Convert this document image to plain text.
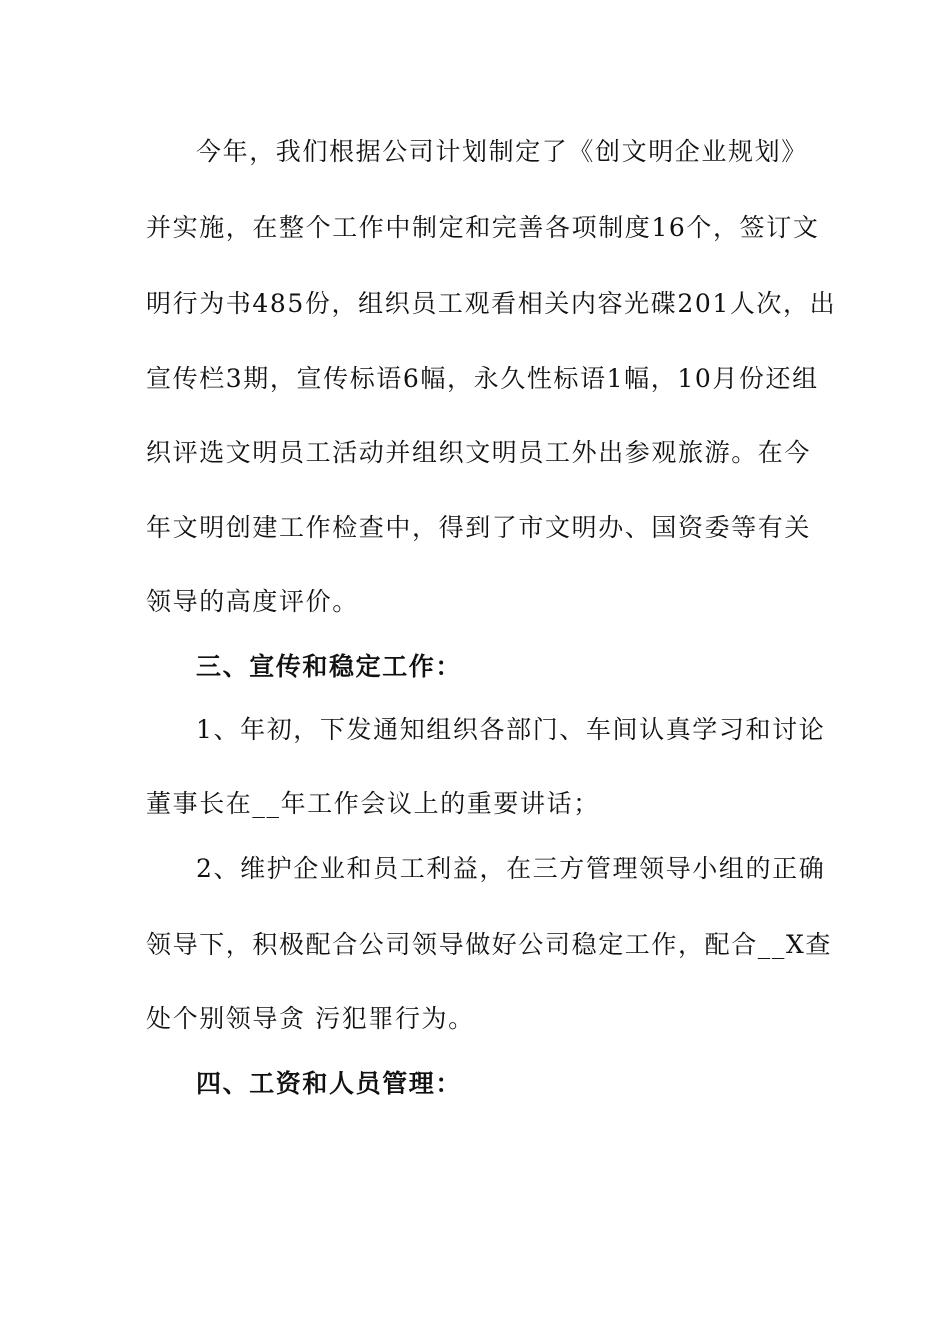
今年，我们根据公司计划制定了《创文明企业规划》
并实施，在整个工作中制定和完善各项制度16个，签订文
明行为书485份，组织员工观看相关内容光碟201人次，出
宣传栏3期，宣传标语6幅，永久性标语1幅，10月份还组
织评选文明员工活动并组织文明员工外出参观旅游。在今
年文明创建工作检查中，得到了市文明办、国资委等有关
领导的高度评价。
三、宣传和稳定工作：
1、年初，下发通知组织各部门、车间认真学习和讨论
董事长在__年工作会议上的重要讲话；
2、维护企业和员工利益，在三方管理领导小组的正确
领导下，积极配合公司领导做好公司稳定工作，配合__X查
处个别领导贪 污犯罪行为。
四、工资和人员管理：
